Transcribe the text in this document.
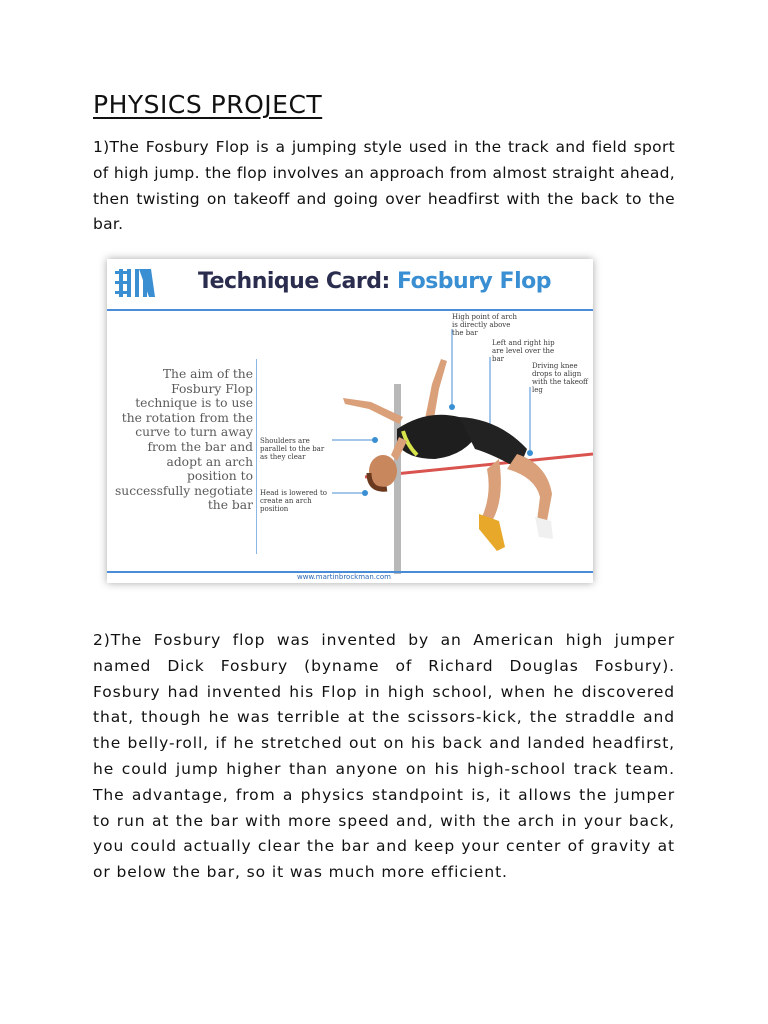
PHYSICS PROJECT

1)The Fosbury Flop is a jumping style used in the track and field sport of high jump. the flop involves an approach from almost straight ahead, then twisting on takeoff and going over headfirst with the back to the bar.

Technique Card: Fosbury Flop
The aim of the Fosbury Flop technique is to use the rotation from the curve to turn away from the bar and adopt an arch position to successfully negotiate the bar
High point of arch is directly above the bar
Left and right hip are level over the bar
Driving knee drops to align with the takeoff leg
Shoulders are parallel to the bar as they clear
Head is lowered to create an arch position
www.martinbrockman.com

2)The Fosbury flop was invented by an American high jumper named Dick Fosbury (byname of Richard Douglas Fosbury). Fosbury had invented his Flop in high school, when he discovered that, though he was terrible at the scissors-kick, the straddle and the belly-roll, if he stretched out on his back and landed headfirst, he could jump higher than anyone on his high-school track team. The advantage, from a physics standpoint is, it allows the jumper to run at the bar with more speed and, with the arch in your back, you could actually clear the bar and keep your center of gravity at or below the bar, so it was much more efficient.
